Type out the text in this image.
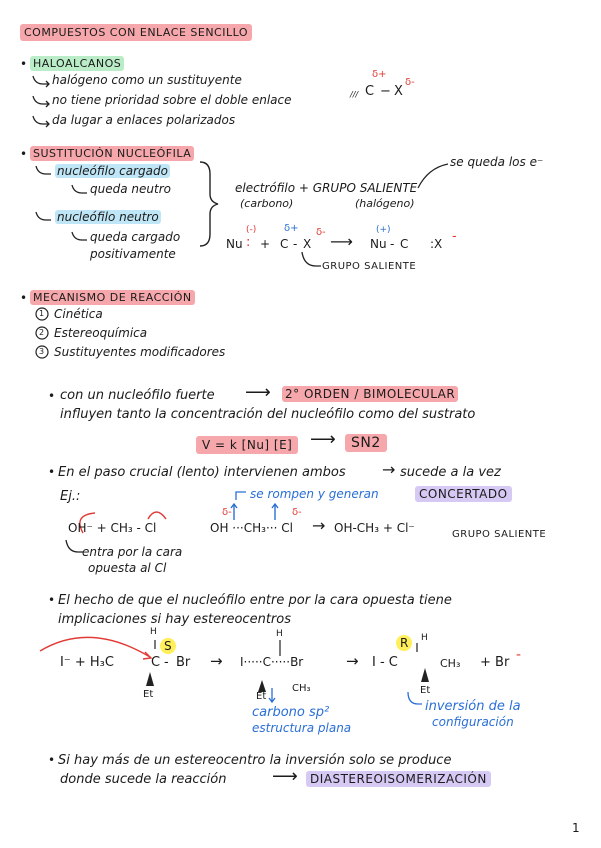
COMPUESTOS CON ENLACE SENCILLO
• HALOALCANOS
halógeno como un sustituyente
no tiene prioridad sobre el doble enlace
da lugar a enlaces polarizados
/// C
δ+
− X
δ-
• SUSTITUCIÓN NUCLEÓFILA
nucleófilo cargado
queda neutro
nucleófilo neutro
queda cargado
positivamente
se queda los e⁻
electrófilo + GRUPO SALIENTE
(carbono)	(halógeno)
(-)
Nu : +
δ+
C - X
δ- ⟶
(+)
Nu - C :X -
GRUPO SALIENTE
• MECANISMO DE REACCIÓN
1 Cinética
2 Estereoquímica
3 Sustituyentes modificadores
• con un nucleófilo fuerte ⟶ 2° ORDEN / BIMOLECULAR
influyen tanto la concentración del nucleófilo como del sustrato
V = k [Nu] [E] ⟶	SN2
• En el paso crucial (lento) intervienen ambos → sucede a la vez
Ej.:	CONCERTADO
se rompen y generan
OH⁻ + CH₃ - Cl
δ-	δ-
OH ···CH₃··· Cl → OH-CH₃ + Cl⁻	GRUPO SALIENTE
entra por la cara
opuesta al Cl
• El hecho de que el nucleófilo entre por la cara opuesta tiene
implicaciones si hay estereocentros
S
H
I⁻ + H₃C	C - Br
Et
→
H
I·····C·····Br
CH₃
Et
→
R	H
I - C	CH₃
Et
+ Br -
carbono sp²
estructura plana
inversión de la
configuración
• Si hay más de un estereocentro la inversión solo se produce
donde sucede la reacción	⟶	DIASTEREOISOMERIZACIÓN
1
